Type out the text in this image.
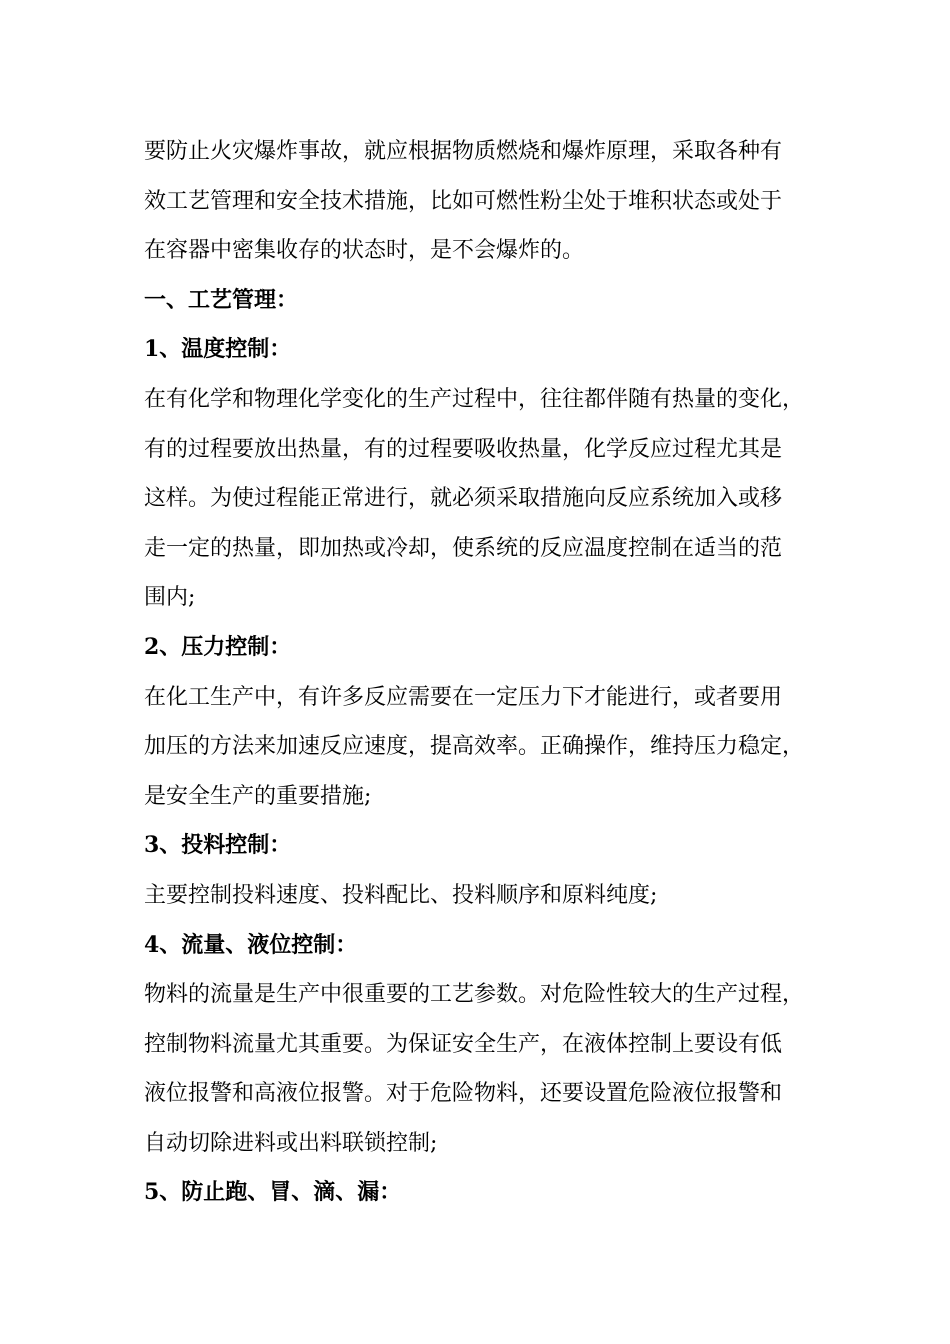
要防止火灾爆炸事故，就应根据物质燃烧和爆炸原理，采取各种有
效工艺管理和安全技术措施，比如可燃性粉尘处于堆积状态或处于
在容器中密集收存的状态时，是不会爆炸的。
一、工艺管理：
1、温度控制：
在有化学和物理化学变化的生产过程中，往往都伴随有热量的变化，
有的过程要放出热量，有的过程要吸收热量，化学反应过程尤其是
这样。为使过程能正常进行，就必须采取措施向反应系统加入或移
走一定的热量，即加热或冷却，使系统的反应温度控制在适当的范
围内;
2、压力控制：
在化工生产中，有许多反应需要在一定压力下才能进行，或者要用
加压的方法来加速反应速度，提高效率。正确操作，维持压力稳定，
是安全生产的重要措施;
3、投料控制：
主要控制投料速度、投料配比、投料顺序和原料纯度;
4、流量、液位控制：
物料的流量是生产中很重要的工艺参数。对危险性较大的生产过程，
控制物料流量尤其重要。为保证安全生产，在液体控制上要设有低
液位报警和高液位报警。对于危险物料，还要设置危险液位报警和
自动切除进料或出料联锁控制;
5、防止跑、冒、滴、漏：
